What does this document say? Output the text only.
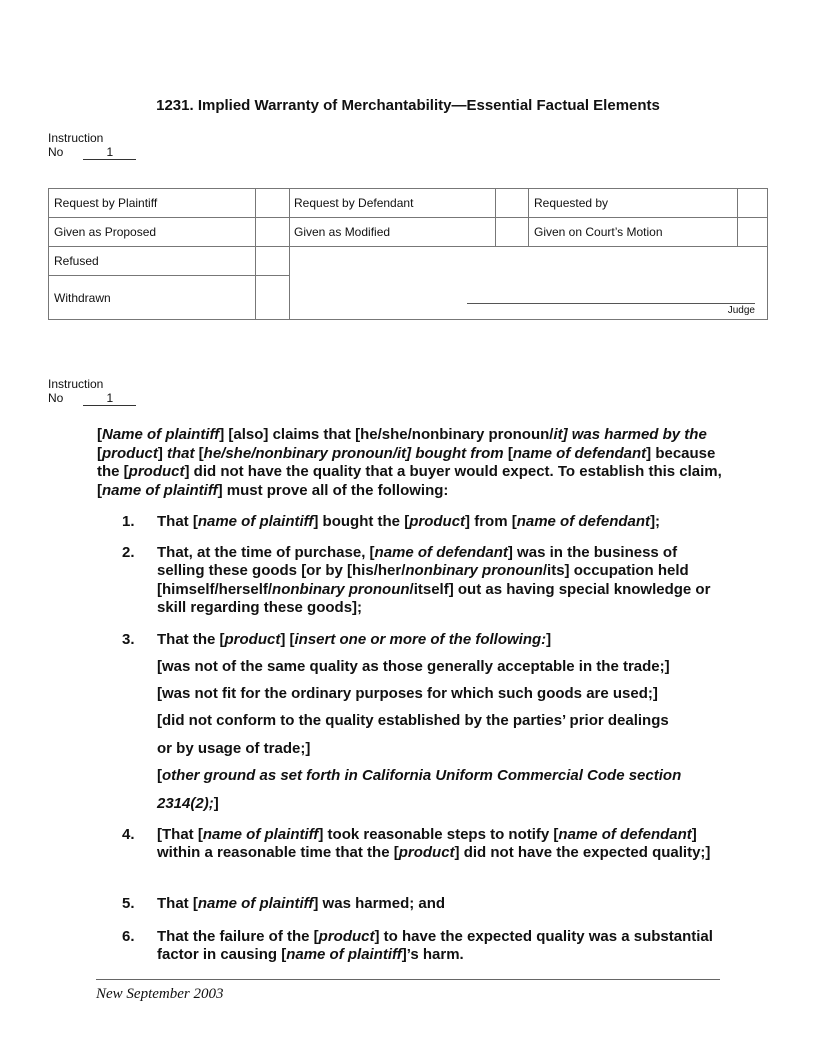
1231. Implied Warranty of Merchantability—Essential Factual Elements
Instruction
No	1
Request by Plaintiff	Request by Defendant	Requested by
Given as Proposed	Given as Modified	Given on Court’s Motion
Refused
Withdrawn
Judge
Instruction
No	1
[Name of plaintiff] [also] claims that [he/she/nonbinary pronoun/it] was harmed by the [product] that [he/she/nonbinary pronoun/it] bought from [name of defendant] because the [product] did not have the quality that a buyer would expect. To establish this claim, [name of plaintiff] must prove all of the following:
1. That [name of plaintiff] bought the [product] from [name of defendant];
2. That, at the time of purchase, [name of defendant] was in the business of selling these goods [or by [his/her/nonbinary pronoun/its] occupation held [himself/herself/nonbinary pronoun/itself] out as having special knowledge or skill regarding these goods];
3. That the [product] [insert one or more of the following:]
[was not of the same quality as those generally acceptable in the trade;]
[was not fit for the ordinary purposes for which such goods are used;]
[did not conform to the quality established by the parties’ prior dealings
or by usage of trade;]
[other ground as set forth in California Uniform Commercial Code section
2314(2);]
4. [That [name of plaintiff] took reasonable steps to notify [name of defendant] within a reasonable time that the [product] did not have the expected quality;]
5. That [name of plaintiff] was harmed; and
6. That the failure of the [product] to have the expected quality was a substantial factor in causing [name of plaintiff]’s harm.
New September 2003
